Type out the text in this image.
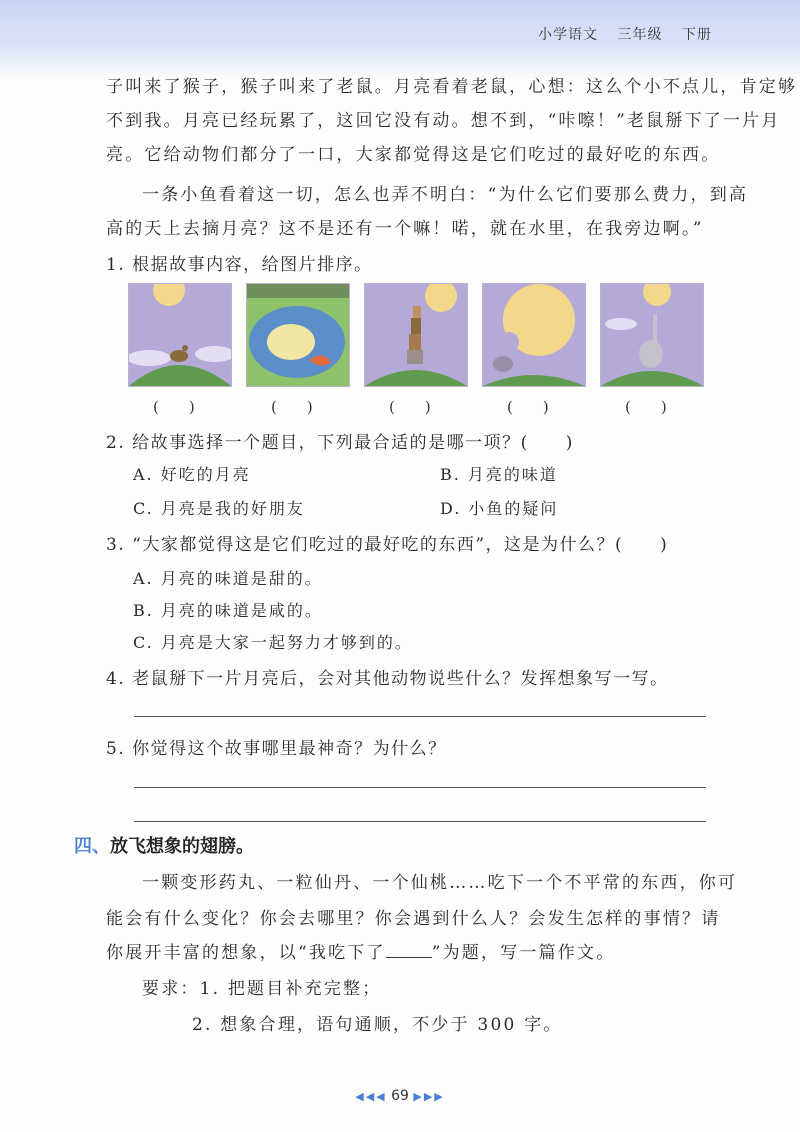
小学语文 三年级 下册
子叫来了猴子，猴子叫来了老鼠。月亮看着老鼠，心想：这么个小不点儿，肯定够
不到我。月亮已经玩累了，这回它没有动。想不到，“咔嚓！”老鼠掰下了一片月
亮。它给动物们都分了一口，大家都觉得这是它们吃过的最好吃的东西。
一条小鱼看着这一切，怎么也弄不明白：“为什么它们要那么费力，到高
高的天上去摘月亮？这不是还有一个嘛！喏，就在水里，在我旁边啊。”
1. 根据故事内容，给图片排序。
(　　)	(　　)	(　　)	(　　)	(　　)
2. 给故事选择一个题目，下列最合适的是哪一项？(　　)
A. 好吃的月亮	B. 月亮的味道
C. 月亮是我的好朋友	D. 小鱼的疑问
3. “大家都觉得这是它们吃过的最好吃的东西”，这是为什么？(　　)
A. 月亮的味道是甜的。
B. 月亮的味道是咸的。
C. 月亮是大家一起努力才够到的。
4. 老鼠掰下一片月亮后，会对其他动物说些什么？发挥想象写一写。
5. 你觉得这个故事哪里最神奇？为什么？
四、放飞想象的翅膀。
一颗变形药丸、一粒仙丹、一个仙桃……吃下一个不平常的东西，你可
能会有什么变化？你会去哪里？你会遇到什么人？会发生怎样的事情？请
你展开丰富的想象，以“我吃下了	”为题，写一篇作文。
要求：1. 把题目补充完整；
2. 想象合理，语句通顺，不少于 300 字。
◀◀◀ 69 ▶▶▶
